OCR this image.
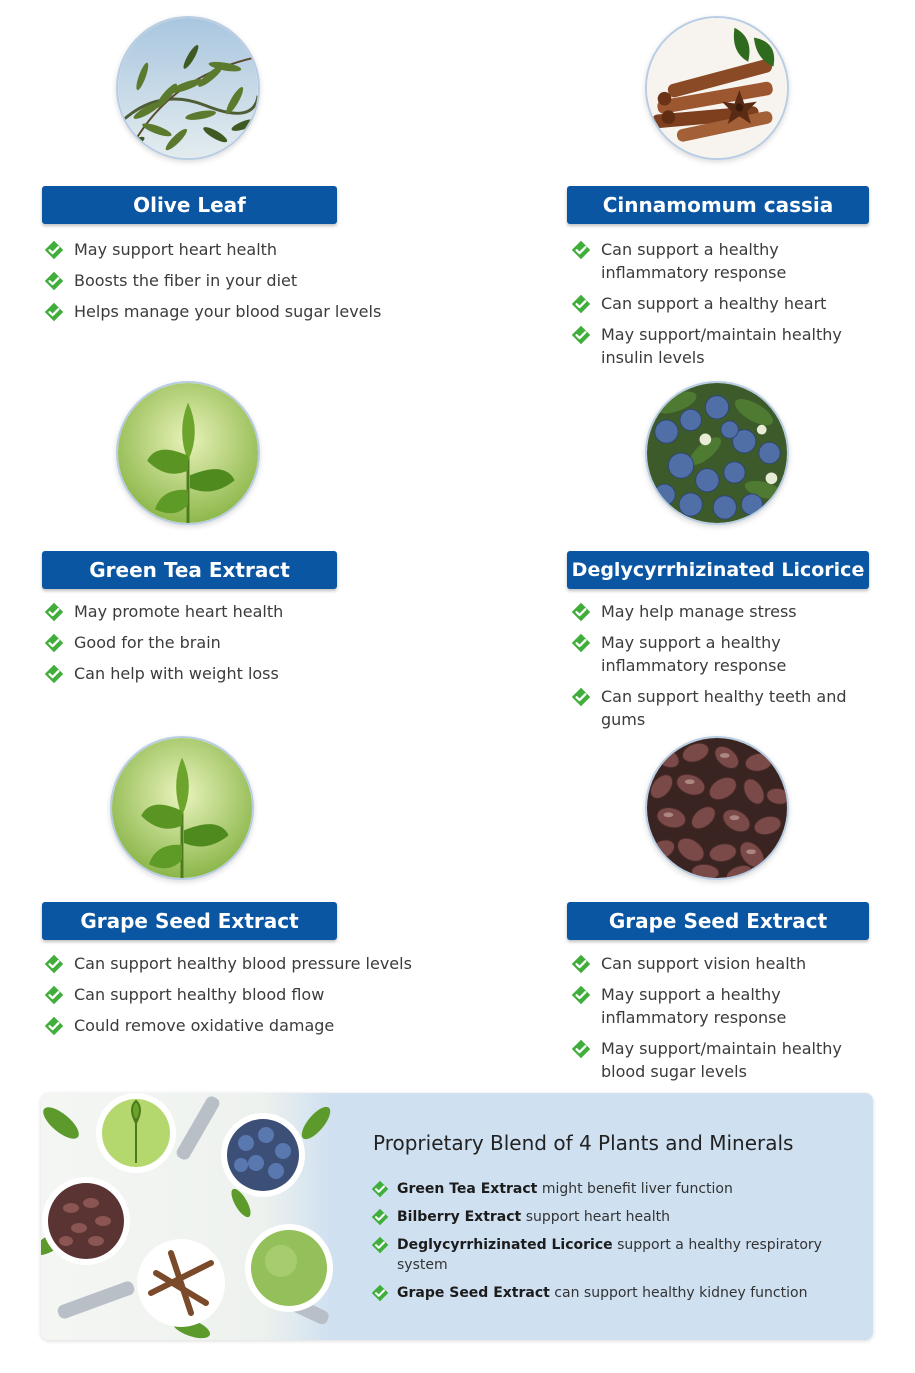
Olive Leaf
May support heart health
Boosts the fiber in your diet
Helps manage your blood sugar levels
Cinnamomum cassia
Can support a healthy inflammatory response
Can support a healthy heart
May support/maintain healthy insulin levels
Green Tea Extract
May promote heart health
Good for the brain
Can help with weight loss
Deglycyrrhizinated Licorice
May help manage stress
May support a healthy inflammatory response
Can support healthy teeth and gums
Grape Seed Extract
Can support healthy blood pressure levels
Can support healthy blood flow
Could remove oxidative damage
Grape Seed Extract
Can support vision health
May support a healthy inflammatory response
May support/maintain healthy blood sugar levels
Proprietary Blend of 4 Plants and Minerals
Green Tea Extract might benefit liver function
Bilberry Extract support heart health
Deglycyrrhizinated Licorice support a healthy respiratory system
Grape Seed Extract can support healthy kidney function
